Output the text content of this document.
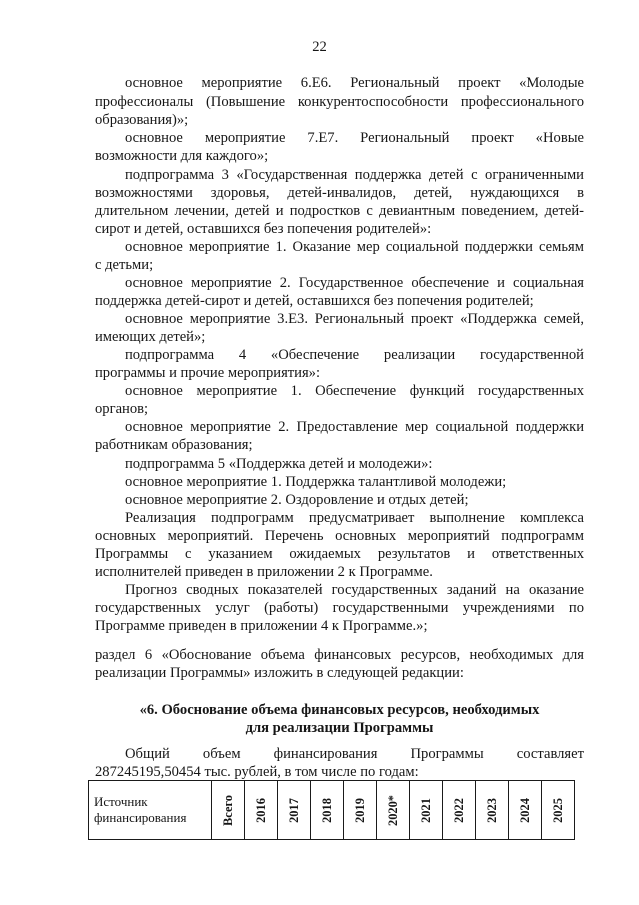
22
основное мероприятие 6.Е6. Региональный проект «Молодые
профессионалы (Повышение конкурентоспособности профессионального
образования)»;
основное мероприятие 7.Е7. Региональный проект «Новые
возможности для каждого»;
подпрограмма 3 «Государственная поддержка детей с ограниченными
возможностями здоровья, детей-инвалидов, детей, нуждающихся в
длительном лечении, детей и подростков с девиантным поведением, детей-
сирот и детей, оставшихся без попечения родителей»:
основное мероприятие 1. Оказание мер социальной поддержки семьям
с детьми;
основное мероприятие 2. Государственное обеспечение и социальная
поддержка детей-сирот и детей, оставшихся без попечения родителей;
основное мероприятие 3.Е3. Региональный проект «Поддержка семей,
имеющих детей»;
подпрограмма 4 «Обеспечение реализации государственной
программы и прочие мероприятия»:
основное мероприятие 1. Обеспечение функций государственных
органов;
основное мероприятие 2. Предоставление мер социальной поддержки
работникам образования;
подпрограмма 5 «Поддержка детей и молодежи»:
основное мероприятие 1. Поддержка талантливой молодежи;
основное мероприятие 2. Оздоровление и отдых детей;
Реализация подпрограмм предусматривает выполнение комплекса
основных мероприятий. Перечень основных мероприятий подпрограмм
Программы с указанием ожидаемых результатов и ответственных
исполнителей приведен в приложении 2 к Программе.
Прогноз сводных показателей государственных заданий на оказание
государственных услуг (работы) государственными учреждениями по
Программе приведен в приложении 4 к Программе.»;
раздел 6 «Обоснование объема финансовых ресурсов, необходимых для
реализации Программы» изложить в следующей редакции:
«6. Обоснование объема финансовых ресурсов, необходимых
для реализации Программы
Общий объем финансирования Программы составляет
287245195,50454 тыс. рублей, в том числе по годам:
Источник финансирования	Всего	2016	2017	2018	2019	2020*	2021	2022	2023	2024	2025
